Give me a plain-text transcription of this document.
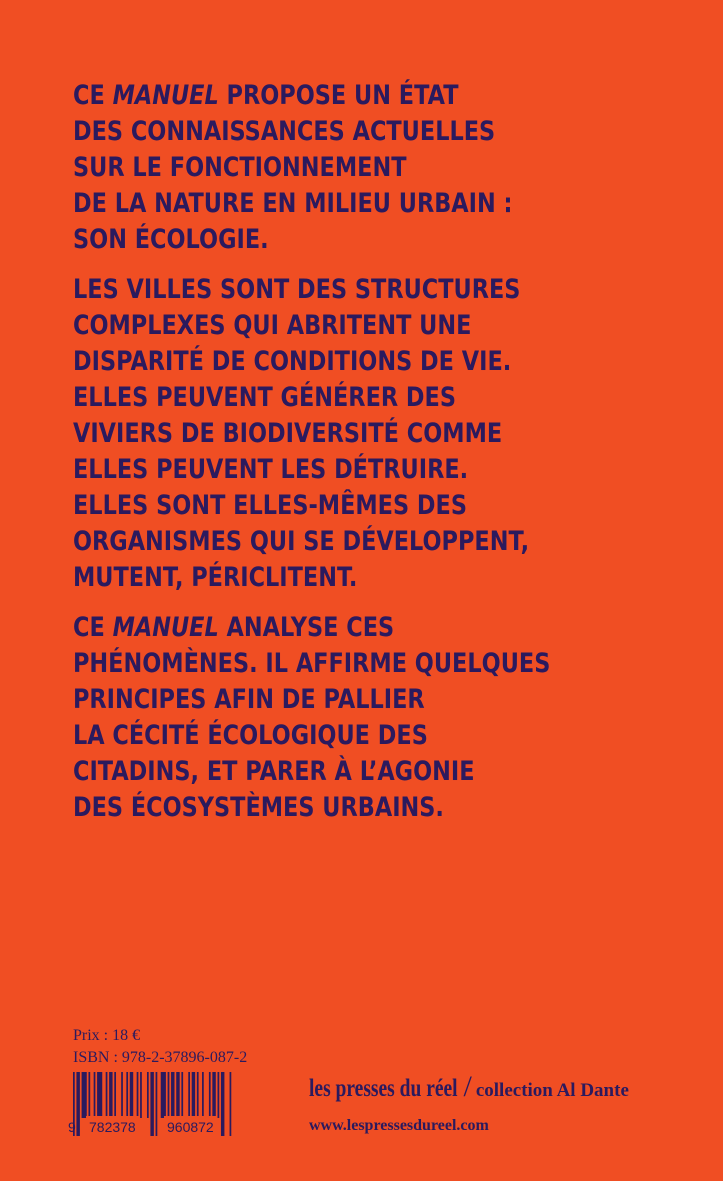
CE MANUEL PROPOSE UN ÉTAT
DES CONNAISSANCES ACTUELLES
SUR LE FONCTIONNEMENT
DE LA NATURE EN MILIEU URBAIN :
SON ÉCOLOGIE.

LES VILLES SONT DES STRUCTURES
COMPLEXES QUI ABRITENT UNE
DISPARITÉ DE CONDITIONS DE VIE.
ELLES PEUVENT GÉNÉRER DES
VIVIERS DE BIODIVERSITÉ COMME
ELLES PEUVENT LES DÉTRUIRE.
ELLES SONT ELLES-MÊMES DES
ORGANISMES QUI SE DÉVELOPPENT,
MUTENT, PÉRICLITENT.

CE MANUEL ANALYSE CES
PHÉNOMÈNES. IL AFFIRME QUELQUES
PRINCIPES AFIN DE PALLIER
LA CÉCITÉ ÉCOLOGIQUE DES
CITADINS, ET PARER À L’AGONIE
DES ÉCOSYSTÈMES URBAINS.

Prix : 18 €
ISBN : 978-2-37896-087-2
9 782378 960872
les presses du réel / collection Al Dante
www.lespressesdureel.com
